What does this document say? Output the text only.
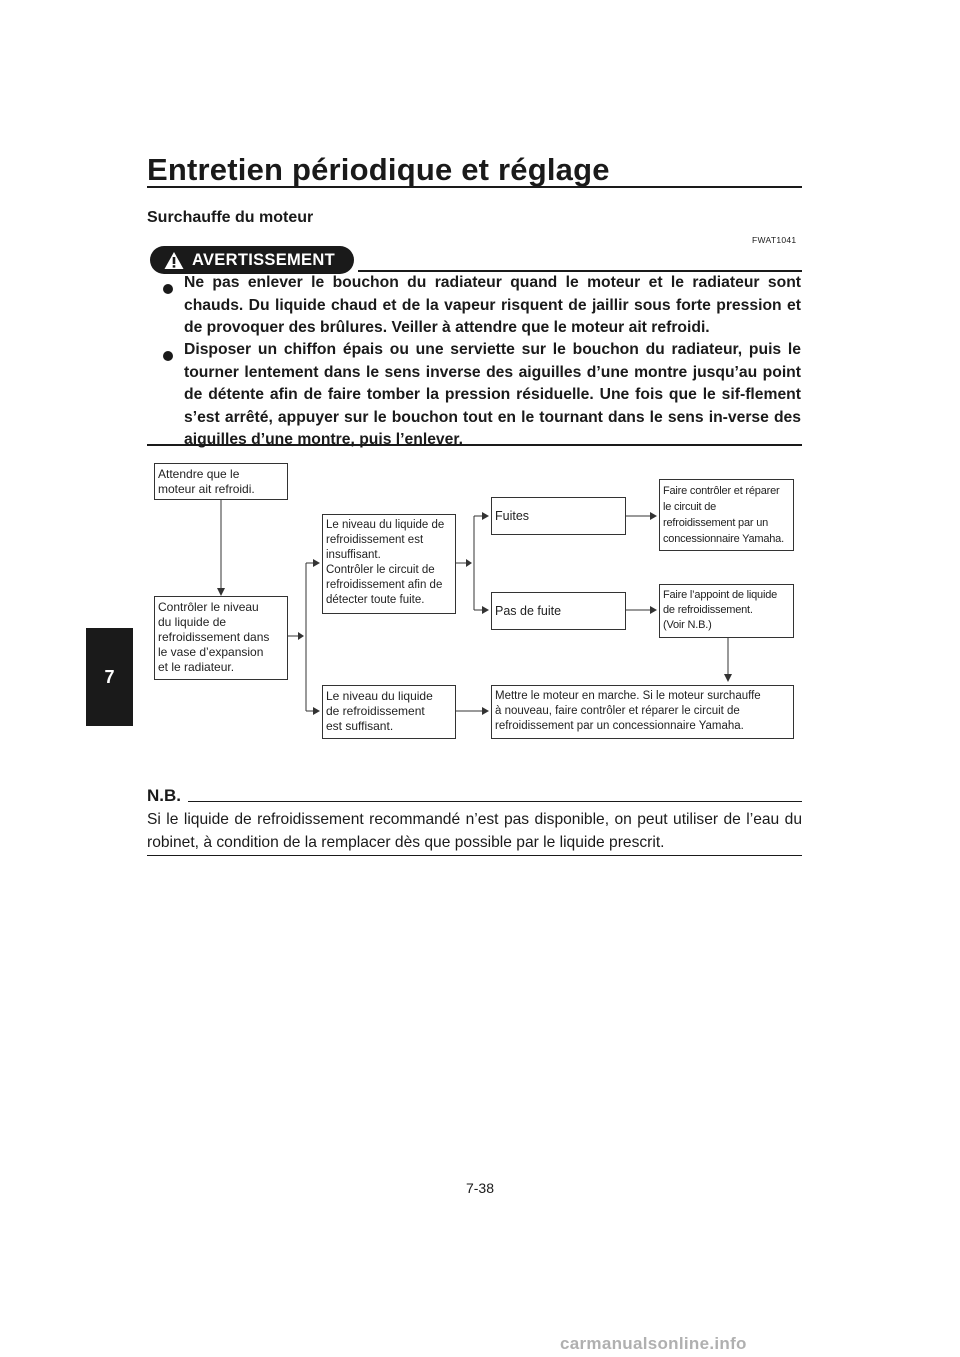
Entretien périodique et réglage
Surchauffe du moteur
FWAT1041
AVERTISSEMENT
Ne pas enlever le bouchon du radiateur quand le moteur et le radiateur sont chauds. Du liquide chaud et de la vapeur risquent de jaillir sous forte pression et de provoquer des brûlures. Veiller à attendre que le moteur ait refroidi.
Disposer un chiffon épais ou une serviette sur le bouchon du radiateur, puis le tourner lentement dans le sens inverse des aiguilles d’une montre jusqu’au point de détente afin de faire tomber la pression résiduelle. Une fois que le sif-flement s’est arrêté, appuyer sur le bouchon tout en le tournant dans le sens in-verse des aiguilles d’une montre, puis l’enlever.
Attendre que le
moteur ait refroidi.
Contrôler le niveau
du liquide de
refroidissement dans
le vase d’expansion
et le radiateur.
Le niveau du liquide de
refroidissement est
insuffisant.
Contrôler le circuit de
refroidissement afin de
détecter toute fuite.
Le niveau du liquide
de refroidissement
est suffisant.
Fuites
Pas de fuite
Faire contrôler et réparer
le circuit de
refroidissement par un
concessionnaire Yamaha.
Faire l’appoint de liquide
de refroidissement.
(Voir N.B.)
Mettre le moteur en marche. Si le moteur surchauffe
à nouveau, faire contrôler et réparer le circuit de
refroidissement par un concessionnaire Yamaha.
N.B.
Si le liquide de refroidissement recommandé n’est pas disponible, on peut utiliser de l’eau du robinet, à condition de la remplacer dès que possible par le liquide prescrit.
7
7-38
carmanualsonline.info
